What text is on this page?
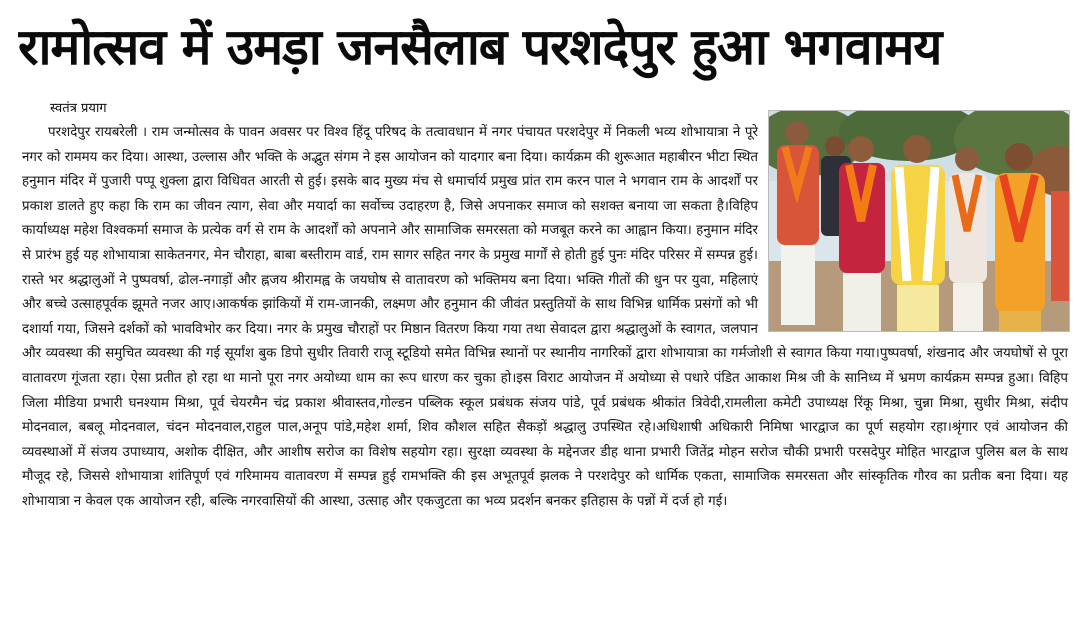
रामोत्सव में उमड़ा जनसैलाब परशदेपुर हुआ भगवामय
स्वतंत्र प्रयाग

परशदेपुर रायबरेली । राम जन्मोत्सव के पावन अवसर पर विश्व हिंदू परिषद के तत्वावधान में नगर पंचायत परशदेपुर में निकली भव्य शोभायात्रा ने पूरे नगर को राममय कर दिया। आस्था, उल्लास और भक्ति के अद्भुत संगम ने इस आयोजन को यादगार बना दिया। कार्यक्रम की शुरूआत महाबीरन भीटा स्थित हनुमान मंदिर में पुजारी पप्पू शुक्ला द्वारा विधिवत आरती से हुई। इसके बाद मुख्य मंच से धमार्चार्य प्रमुख प्रांत राम करन पाल ने भगवान राम के आदर्शों पर प्रकाश डालते हुए कहा कि राम का जीवन त्याग, सेवा और मयार्दा का सर्वोच्च उदाहरण है, जिसे अपनाकर समाज को सशक्त बनाया जा सकता है।विहिप कार्याध्यक्ष महेश विश्वकर्मा समाज के प्रत्येक वर्ग से राम के आदर्शों को अपनाने और सामाजिक समरसता को मजबूत करने का आह्वान किया। हनुमान मंदिर से प्रारंभ हुई यह शोभायात्रा साकेतनगर, मेन चौराहा, बाबा बस्तीराम वार्ड, राम सागर सहित नगर के प्रमुख मार्गों से होती हुई पुनः मंदिर परिसर में सम्पन्न हुई। रास्ते भर श्रद्धालुओं ने पुष्पवर्षा, ढोल-नगाड़ों और ह्नजय श्रीरामह्व के जयघोष से वातावरण को भक्तिमय बना दिया। भक्ति गीतों की धुन पर युवा, महिलाएं और बच्चे उत्साहपूर्वक झूमते नजर आए।आकर्षक झांकियों में राम-जानकी, लक्ष्मण और हनुमान की जीवंत प्रस्तुतियों के साथ विभिन्न धार्मिक प्रसंगों को भी दशार्या गया, जिसने दर्शकों को भावविभोर कर दिया। नगर के प्रमुख चौराहों पर मिष्ठान वितरण किया गया तथा सेवादल द्वारा श्रद्धालुओं के स्वागत, जलपान और व्यवस्था की समुचित व्यवस्था की गई सूर्यांश बुक डिपो सुधीर तिवारी राजू स्टूडियो समेत विभिन्न स्थानों पर स्थानीय नागरिकों द्वारा शोभायात्रा का गर्मजोशी से स्वागत किया गया।पुष्पवर्षा, शंखनाद और जयघोषों से पूरा वातावरण गूंजता रहा। ऐसा प्रतीत हो रहा था मानो पूरा नगर अयोध्या धाम का रूप धारण कर चुका हो।इस विराट आयोजन में अयोध्या से पधारे पंडित आकाश मिश्र जी के सानिध्य में भ्रमण कार्यक्रम सम्पन्न हुआ। विहिप जिला मीडिया प्रभारी घनश्याम मिश्रा, पूर्व चेयरमैन चंद्र प्रकाश श्रीवास्तव,गोल्डन पब्लिक स्कूल प्रबंधक संजय पांडे, पूर्व प्रबंधक श्रीकांत त्रिवेदी,रामलीला कमेटी उपाध्यक्ष रिंकू मिश्रा, चुन्ना मिश्रा, सुधीर मिश्रा, संदीप मोदनवाल, बबलू मोदनवाल, चंदन मोदनवाल,राहुल पाल,अनूप पांडे,महेश शर्मा, शिव कौशल सहित सैकड़ों श्रद्धालु उपस्थित रहे।अधिशाषी अधिकारी निमिषा भारद्वाज का पूर्ण सहयोग रहा।श्रृंगार एवं आयोजन की व्यवस्थाओं में संजय उपाध्याय, अशोक दीक्षित, और आशीष सरोज का विशेष सहयोग रहा। सुरक्षा व्यवस्था के मद्देनजर डीह थाना प्रभारी जितेंद्र मोहन सरोज चौकी प्रभारी परसदेपुर मोहित भारद्वाज पुलिस बल के साथ मौजूद रहे, जिससे शोभायात्रा शांतिपूर्ण एवं गरिमामय वातावरण में सम्पन्न हुई रामभक्ति की इस अभूतपूर्व झलक ने परशदेपुर को धार्मिक एकता, सामाजिक समरसता और सांस्कृतिक गौरव का प्रतीक बना दिया। यह शोभायात्रा न केवल एक आयोजन रही, बल्कि नगरवासियों की आस्था, उत्साह और एकजुटता का भव्य प्रदर्शन बनकर इतिहास के पन्नों में दर्ज हो गई।
